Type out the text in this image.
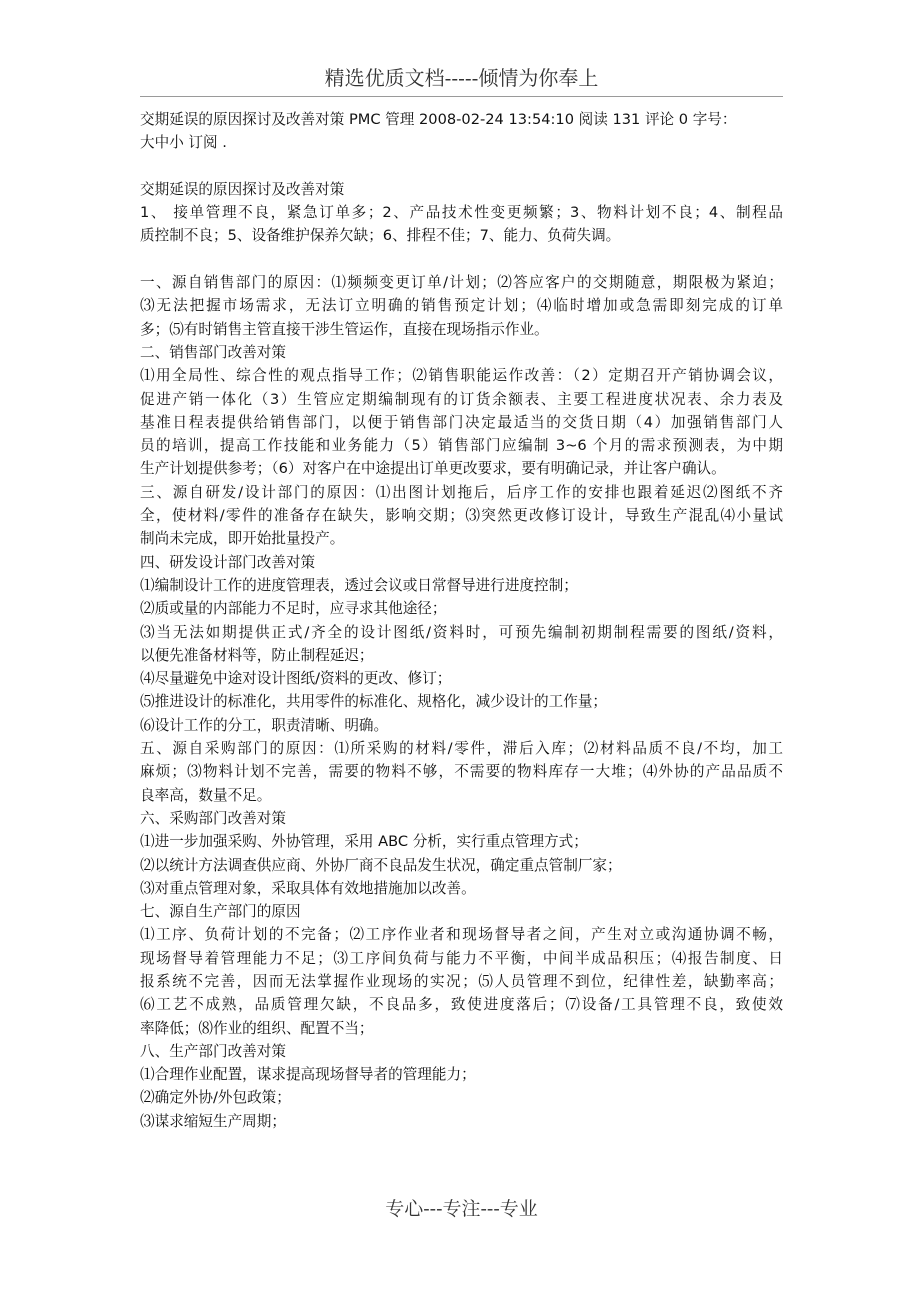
精选优质文档-----倾情为你奉上
交期延误的原因探讨及改善对策 PMC 管理 2008-02-24 13:54:10 阅读 131 评论 0 字号：
大中小 订阅 .
交期延误的原因探讨及改善对策
1、 接单管理不良，紧急订单多；2、产品技术性变更频繁；3、物料计划不良；4、制程品
质控制不良；5、设备维护保养欠缺；6、排程不佳；7、能力、负荷失调。
一、源自销售部门的原因：⑴频频变更订单/计划；⑵答应客户的交期随意，期限极为紧迫；
⑶无法把握市场需求，无法订立明确的销售预定计划；⑷临时增加或急需即刻完成的订单
多；⑸有时销售主管直接干涉生管运作，直接在现场指示作业。
二、销售部门改善对策
⑴用全局性、综合性的观点指导工作；⑵销售职能运作改善：（2）定期召开产销协调会议，
促进产销一体化（3）生管应定期编制现有的订货余额表、主要工程进度状况表、余力表及
基准日程表提供给销售部门，以便于销售部门决定最适当的交货日期（4）加强销售部门人
员的培训，提高工作技能和业务能力（5）销售部门应编制 3~6 个月的需求预测表，为中期
生产计划提供参考；（6）对客户在中途提出订单更改要求，要有明确记录，并让客户确认。
三、源自研发/设计部门的原因：⑴出图计划拖后，后序工作的安排也跟着延迟⑵图纸不齐
全，使材料/零件的准备存在缺失，影响交期；⑶突然更改修订设计，导致生产混乱⑷小量试
制尚未完成，即开始批量投产。
四、研发设计部门改善对策
⑴编制设计工作的进度管理表，透过会议或日常督导进行进度控制；
⑵质或量的内部能力不足时，应寻求其他途径；
⑶当无法如期提供正式/齐全的设计图纸/资料时，可预先编制初期制程需要的图纸/资料，
以便先准备材料等，防止制程延迟；
⑷尽量避免中途对设计图纸/资料的更改、修订；
⑸推进设计的标准化，共用零件的标准化、规格化，减少设计的工作量；
⑹设计工作的分工，职责清晰、明确。
五、源自采购部门的原因：⑴所采购的材料/零件，滞后入库；⑵材料品质不良/不均，加工
麻烦；⑶物料计划不完善，需要的物料不够，不需要的物料库存一大堆；⑷外协的产品品质不
良率高，数量不足。
六、采购部门改善对策
⑴进一步加强采购、外协管理，采用 ABC 分析，实行重点管理方式；
⑵以统计方法调查供应商、外协厂商不良品发生状况，确定重点管制厂家；
⑶对重点管理对象，采取具体有效地措施加以改善。
七、源自生产部门的原因
⑴工序、负荷计划的不完备；⑵工序作业者和现场督导者之间，产生对立或沟通协调不畅，
现场督导着管理能力不足；⑶工序间负荷与能力不平衡，中间半成品积压；⑷报告制度、日
报系统不完善，因而无法掌握作业现场的实况；⑸人员管理不到位，纪律性差，缺勤率高；
⑹工艺不成熟，品质管理欠缺，不良品多，致使进度落后；⑺设备/工具管理不良，致使效
率降低；⑻作业的组织、配置不当；
八、生产部门改善对策
⑴合理作业配置，谋求提高现场督导者的管理能力；
⑵确定外协/外包政策；
⑶谋求缩短生产周期；
专心---专注---专业
